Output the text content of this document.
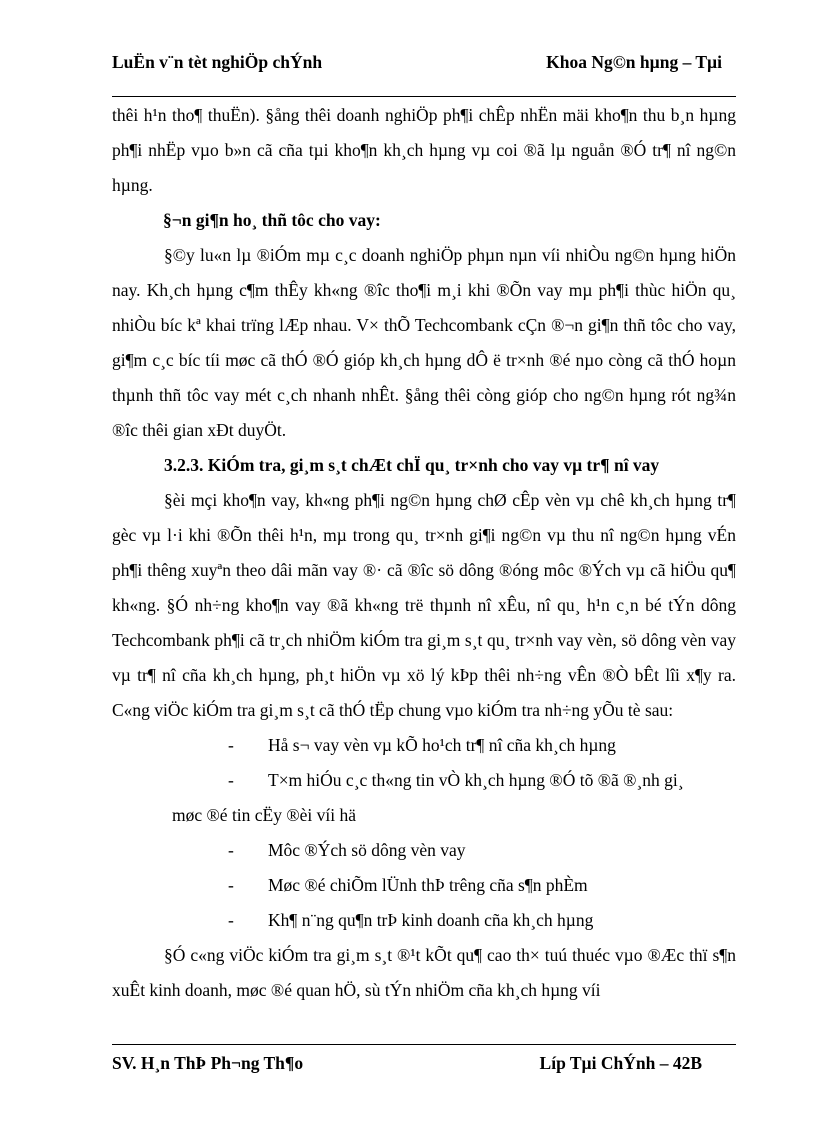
LuËn v¨n tèt nghiÖp chÝnh	Khoa Ng©n hµng – Tµi

thêi h¹n tho¶ thuËn). §ång thêi doanh nghiÖp ph¶i chÊp nhËn mäi kho¶n thu b¸n hµng ph¶i nhËp vµo b»n cã cña tµi kho¶n kh¸ch hµng vµ coi ®ã lµ nguån ®Ó tr¶ nî ng©n hµng.

§¬n gi¶n ho¸ thñ tôc cho vay:

§©y lu«n lµ ®iÓm mµ c¸c doanh nghiÖp phµn nµn víi nhiÒu ng©n hµng hiÖn nay. Kh¸ch hµng c¶m thÊy kh«ng ®îc tho¶i m¸i khi ®Õn vay mµ ph¶i thùc hiÖn qu¸ nhiÒu bíc kª khai trïng lÆp nhau. V× thÕ Techcombank cÇn ®¬n gi¶n thñ tôc cho vay, gi¶m c¸c bíc tíi møc cã thÓ ®Ó gióp kh¸ch hµng dÔ ë tr×nh ®é nµo còng cã thÓ hoµn thµnh thñ tôc vay mét c¸ch nhanh nhÊt. §ång thêi còng gióp cho ng©n hµng rót ng¾n ®îc thêi gian xÐt duyÖt.

3.2.3. KiÓm tra, gi¸m s¸t chÆt chÏ qu¸ tr×nh cho vay vµ tr¶ nî vay

§èi mçi kho¶n vay, kh«ng ph¶i ng©n hµng chØ cÊp vèn vµ chê kh¸ch hµng tr¶ gèc vµ l·i khi ®Õn thêi h¹n, mµ trong qu¸ tr×nh gi¶i ng©n vµ thu nî ng©n hµng vÉn ph¶i thêng xuyªn theo dâi mãn vay ®· cã ®îc sö dông ®óng môc ®Ých vµ cã hiÖu qu¶ kh«ng. §Ó nh÷ng kho¶n vay ®ã kh«ng trë thµnh nî xÊu, nî qu¸ h¹n c¸n bé tÝn dông Techcombank ph¶i cã tr¸ch nhiÖm kiÓm tra gi¸m s¸t qu¸ tr×nh vay vèn, sö dông vèn vay vµ tr¶ nî cña kh¸ch hµng, ph¸t hiÖn vµ xö lý kÞp thêi nh÷ng vÊn ®Ò bÊt lîi x¶y ra. C«ng viÖc kiÓm tra gi¸m s¸t cã thÓ tËp chung vµo kiÓm tra nh÷ng yÕu tè sau:

- Hå s¬ vay vèn vµ kÕ ho¹ch tr¶ nî cña kh¸ch hµng

- T×m hiÓu c¸c th«ng tin vÒ kh¸ch hµng ®Ó tõ ®ã ®¸nh gi¸

møc ®é tin cËy ®èi víi hä

- Môc ®Ých sö dông vèn vay

- Møc ®é chiÕm lÜnh thÞ trêng cña s¶n phÈm

- Kh¶ n¨ng qu¶n trÞ kinh doanh cña kh¸ch hµng

§Ó c«ng viÖc kiÓm tra gi¸m s¸t ®¹t kÕt qu¶ cao th× tuú thuéc vµo ®Æc thï s¶n xuÊt kinh doanh, møc ®é quan hÖ, sù tÝn nhiÖm cña kh¸ch hµng víi

SV. H¸n ThÞ Ph¬ng Th¶o	Líp Tµi ChÝnh – 42B
